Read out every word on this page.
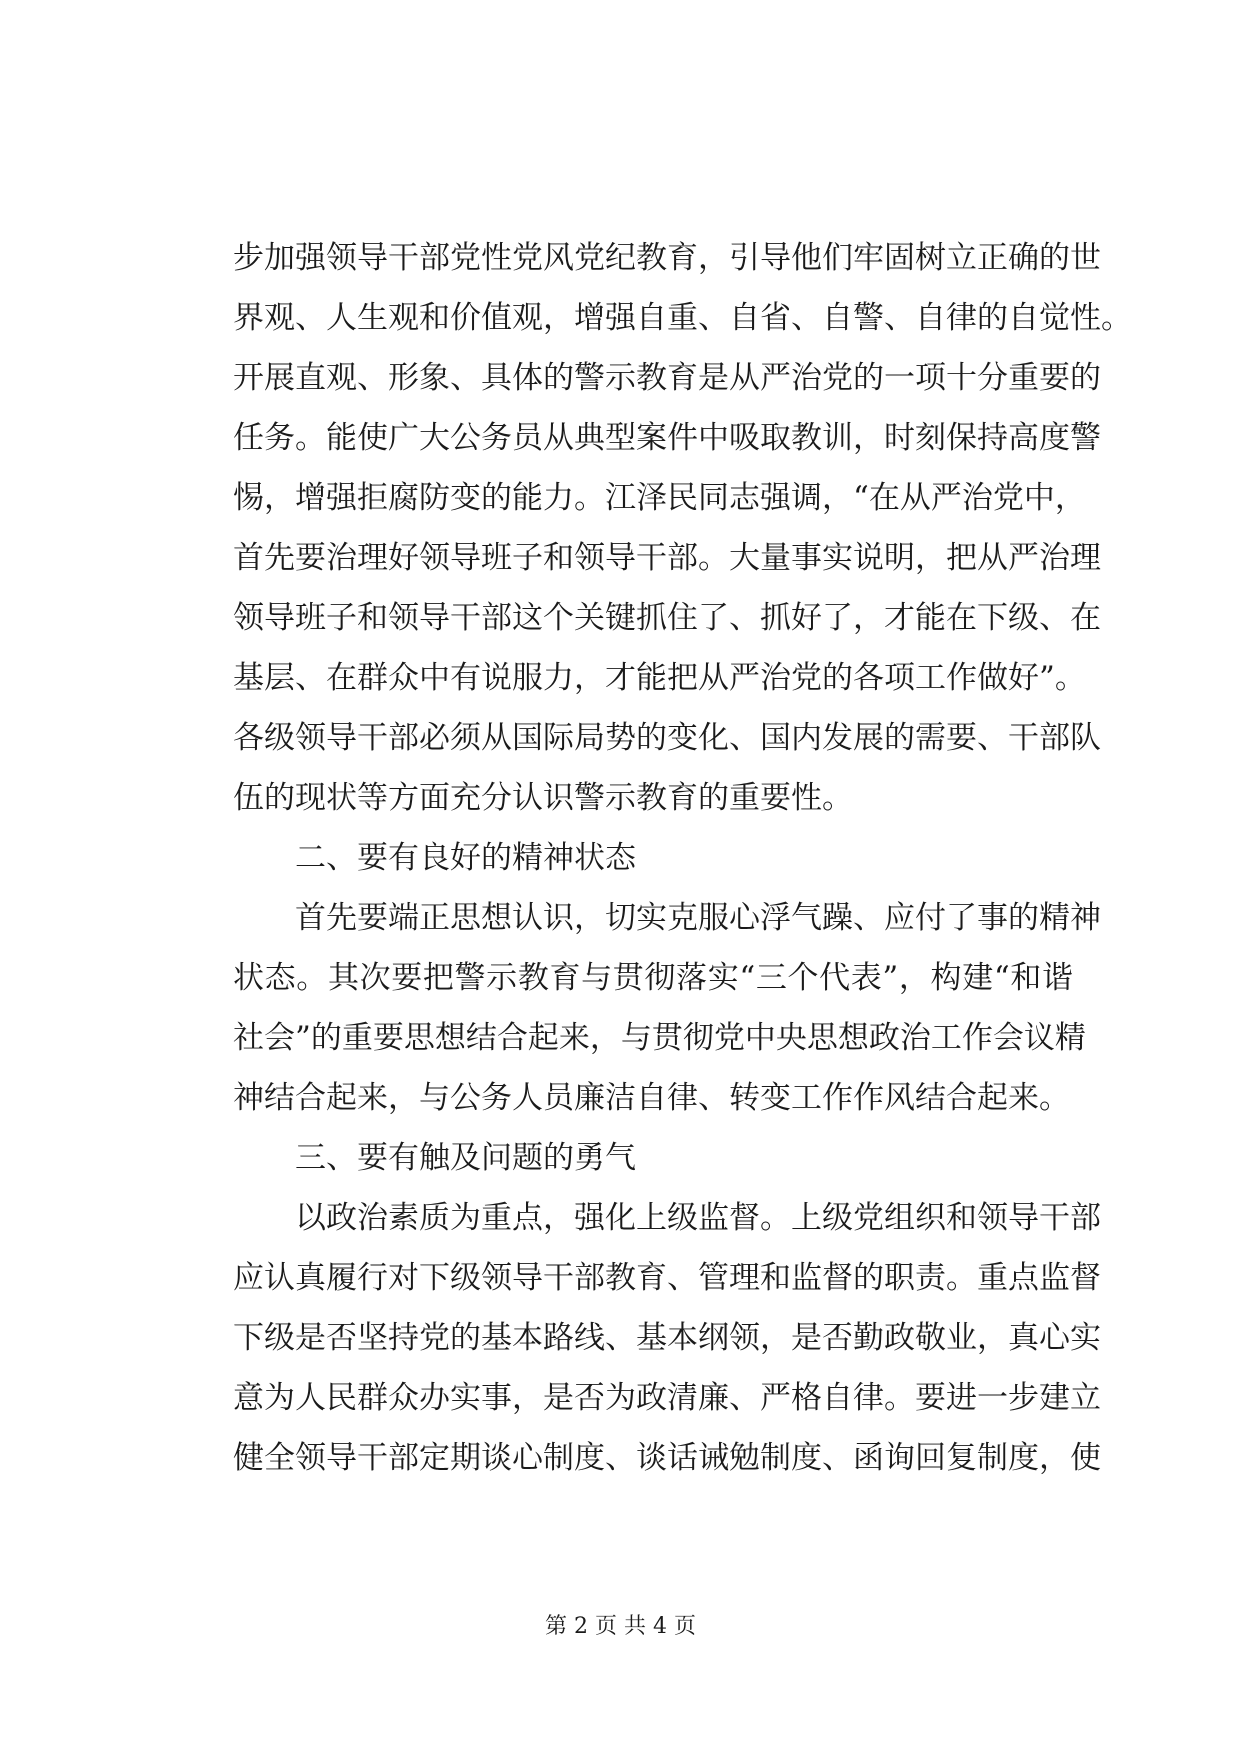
步加强领导干部党性党风党纪教育，引导他们牢固树立正确的世
界观、人生观和价值观，增强自重、自省、自警、自律的自觉性。
开展直观、形象、具体的警示教育是从严治党的一项十分重要的
任务。能使广大公务员从典型案件中吸取教训，时刻保持高度警
惕，增强拒腐防变的能力。江泽民同志强调，“在从严治党中，
首先要治理好领导班子和领导干部。大量事实说明，把从严治理
领导班子和领导干部这个关键抓住了、抓好了，才能在下级、在
基层、在群众中有说服力，才能把从严治党的各项工作做好”。
各级领导干部必须从国际局势的变化、国内发展的需要、干部队
伍的现状等方面充分认识警示教育的重要性。
　　二、要有良好的精神状态
　　首先要端正思想认识，切实克服心浮气躁、应付了事的精神
状态。其次要把警示教育与贯彻落实“三个代表”，构建“和谐
社会”的重要思想结合起来，与贯彻党中央思想政治工作会议精
神结合起来，与公务人员廉洁自律、转变工作作风结合起来。
　　三、要有触及问题的勇气
　　以政治素质为重点，强化上级监督。上级党组织和领导干部
应认真履行对下级领导干部教育、管理和监督的职责。重点监督
下级是否坚持党的基本路线、基本纲领，是否勤政敬业，真心实
意为人民群众办实事，是否为政清廉、严格自律。要进一步建立
健全领导干部定期谈心制度、谈话诫勉制度、函询回复制度，使
第 2 页 共 4 页
